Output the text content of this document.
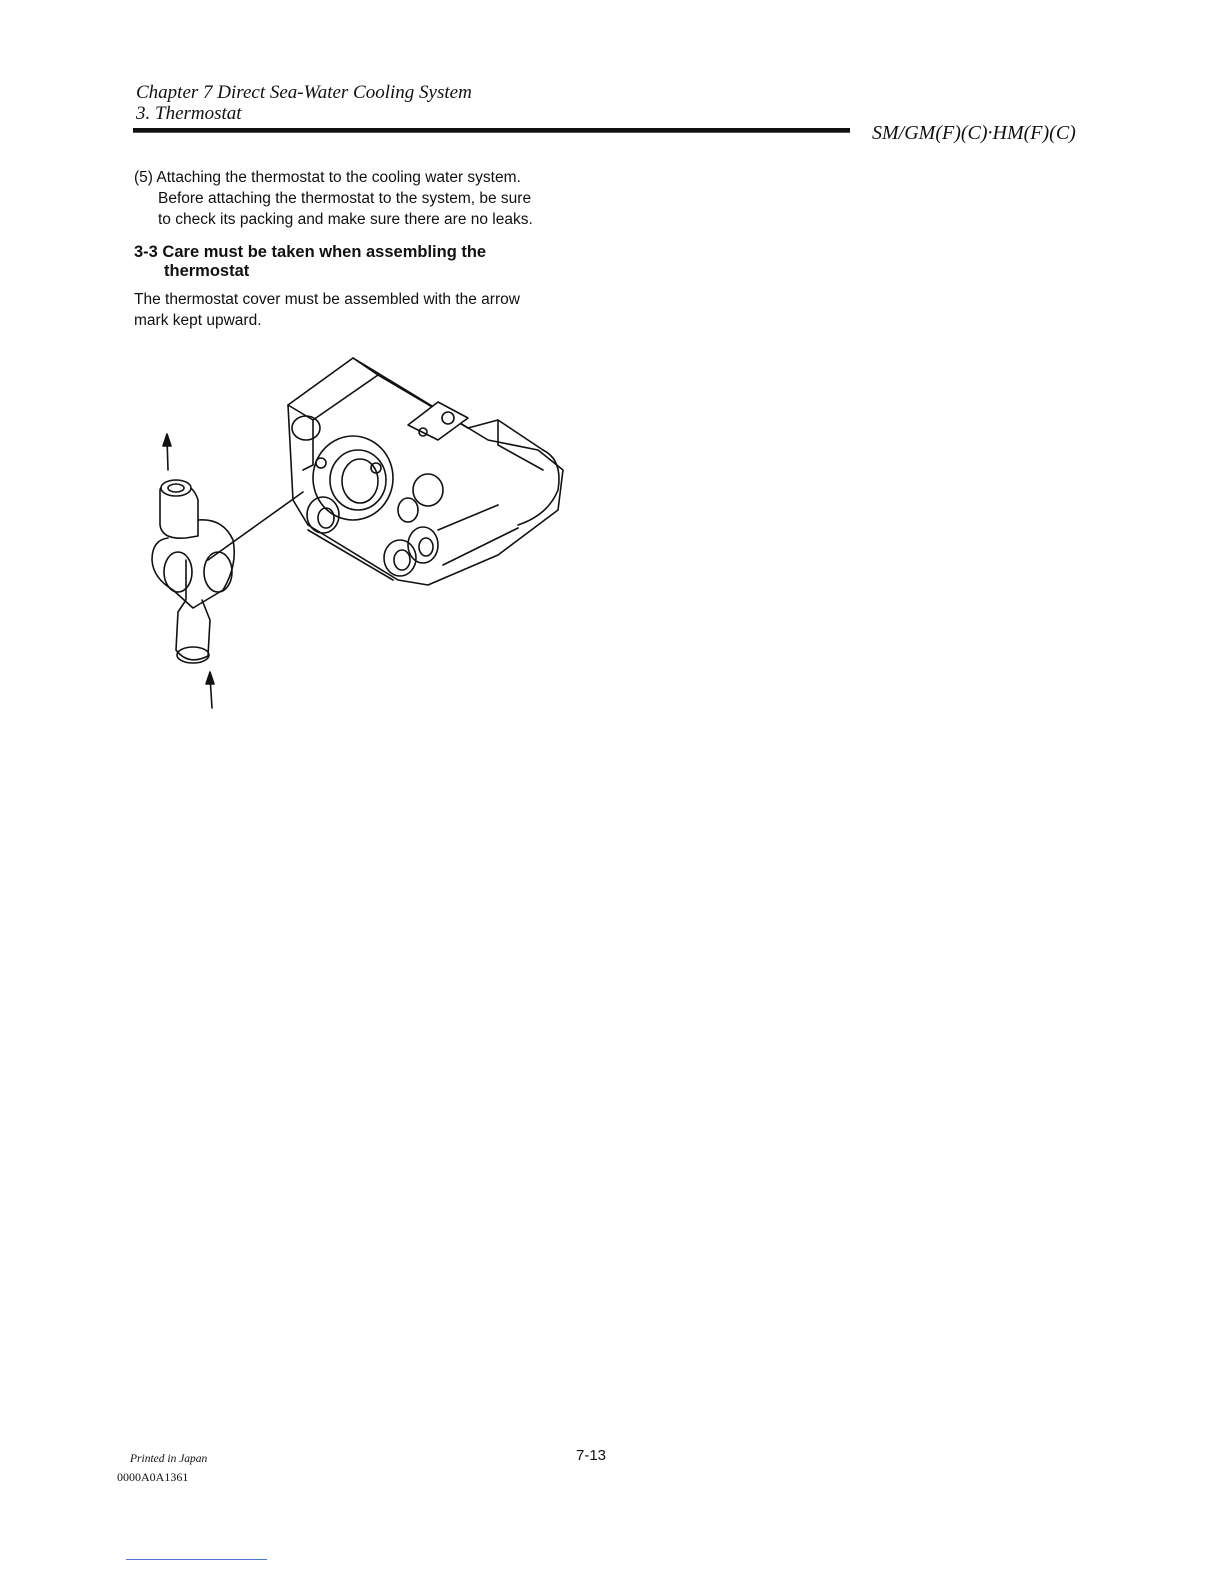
Chapter 7 Direct Sea-Water Cooling System
3. Thermostat
SM/GM(F)(C)·HM(F)(C)
(5) Attaching the thermostat to the cooling water system.
Before attaching the thermostat to the system, be sure
to check its packing and make sure there are no leaks.
3-3 Care must be taken when assembling the
thermostat
The thermostat cover must be assembled with the arrow
mark kept upward.
Printed in Japan
0000A0A1361
7-13
